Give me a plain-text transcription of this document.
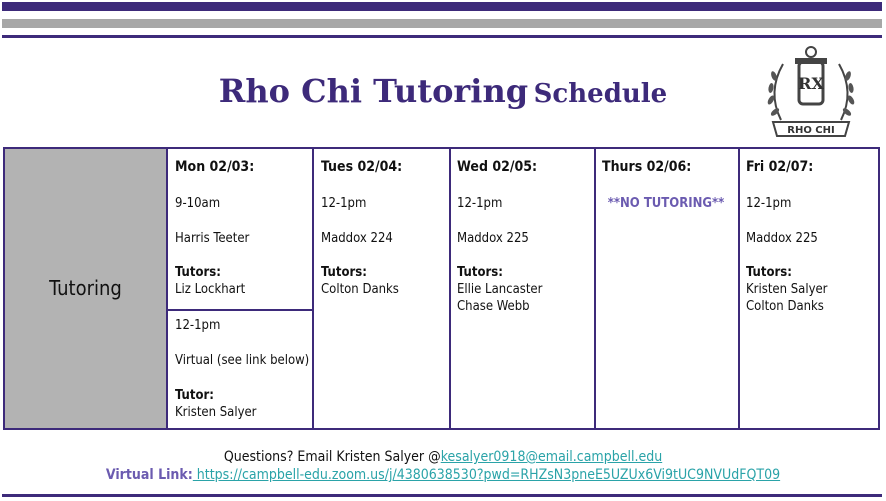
Rho Chi Tutoring Schedule	RX
RHO CHI
Tutoring
Mon 02/03:
9-10am
Harris Teeter
Tutors:
Liz Lockhart
12-1pm
Virtual (see link below)
Tutor:
Kristen Salyer
Tues 02/04:
12-1pm
Maddox 224
Tutors:
Colton Danks
Wed 02/05:
12-1pm
Maddox 225
Tutors:
Ellie Lancaster
Chase Webb
Thurs 02/06:
**NO TUTORING**
Fri 02/07:
12-1pm
Maddox 225
Tutors:
Kristen Salyer
Colton Danks
Questions? Email Kristen Salyer @kesalyer0918@email.campbell.edu
Virtual Link: https://campbell-edu.zoom.us/j/4380638530?pwd=RHZsN3pneE5UZUx6Vi9tUC9NVUdFQT09
